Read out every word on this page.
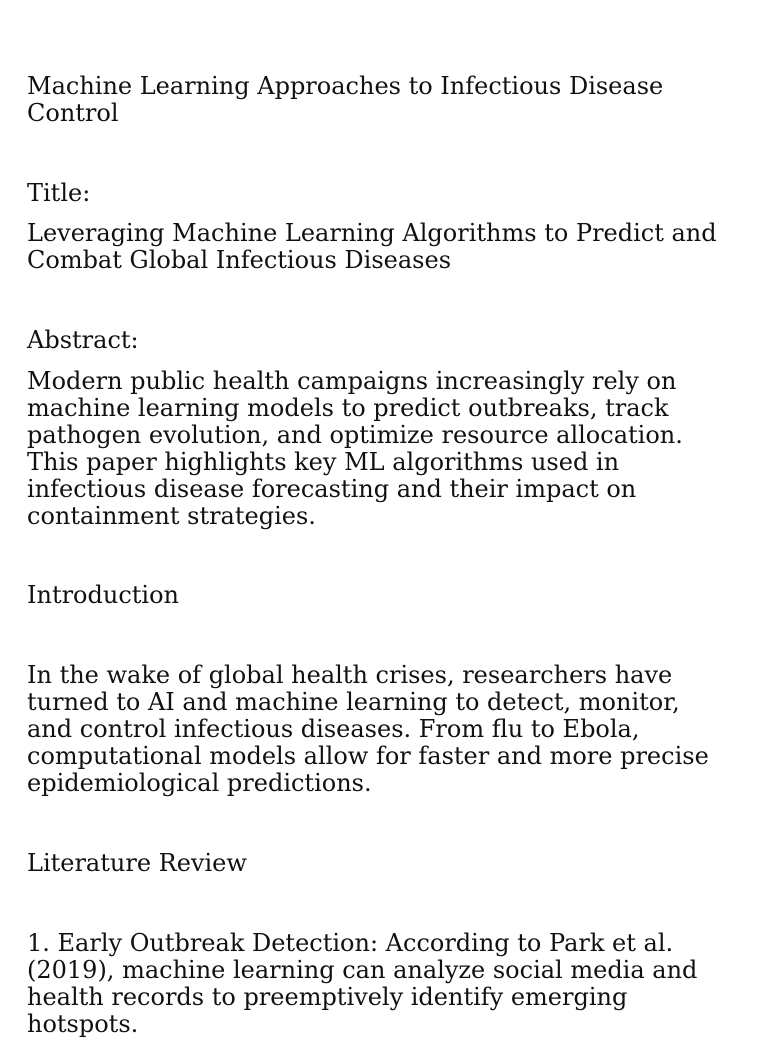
Machine Learning Approaches to Infectious Disease Control
Title:
Leveraging Machine Learning Algorithms to Predict and Combat Global Infectious Diseases
Abstract:
Modern public health campaigns increasingly rely on machine learning models to predict outbreaks, track pathogen evolution, and optimize resource allocation. This paper highlights key ML algorithms used in infectious disease forecasting and their impact on containment strategies.
Introduction
In the wake of global health crises, researchers have turned to AI and machine learning to detect, monitor, and control infectious diseases. From flu to Ebola, computational models allow for faster and more precise epidemiological predictions.
Literature Review
1. Early Outbreak Detection: According to Park et al. (2019), machine learning can analyze social media and health records to preemptively identify emerging hotspots.
